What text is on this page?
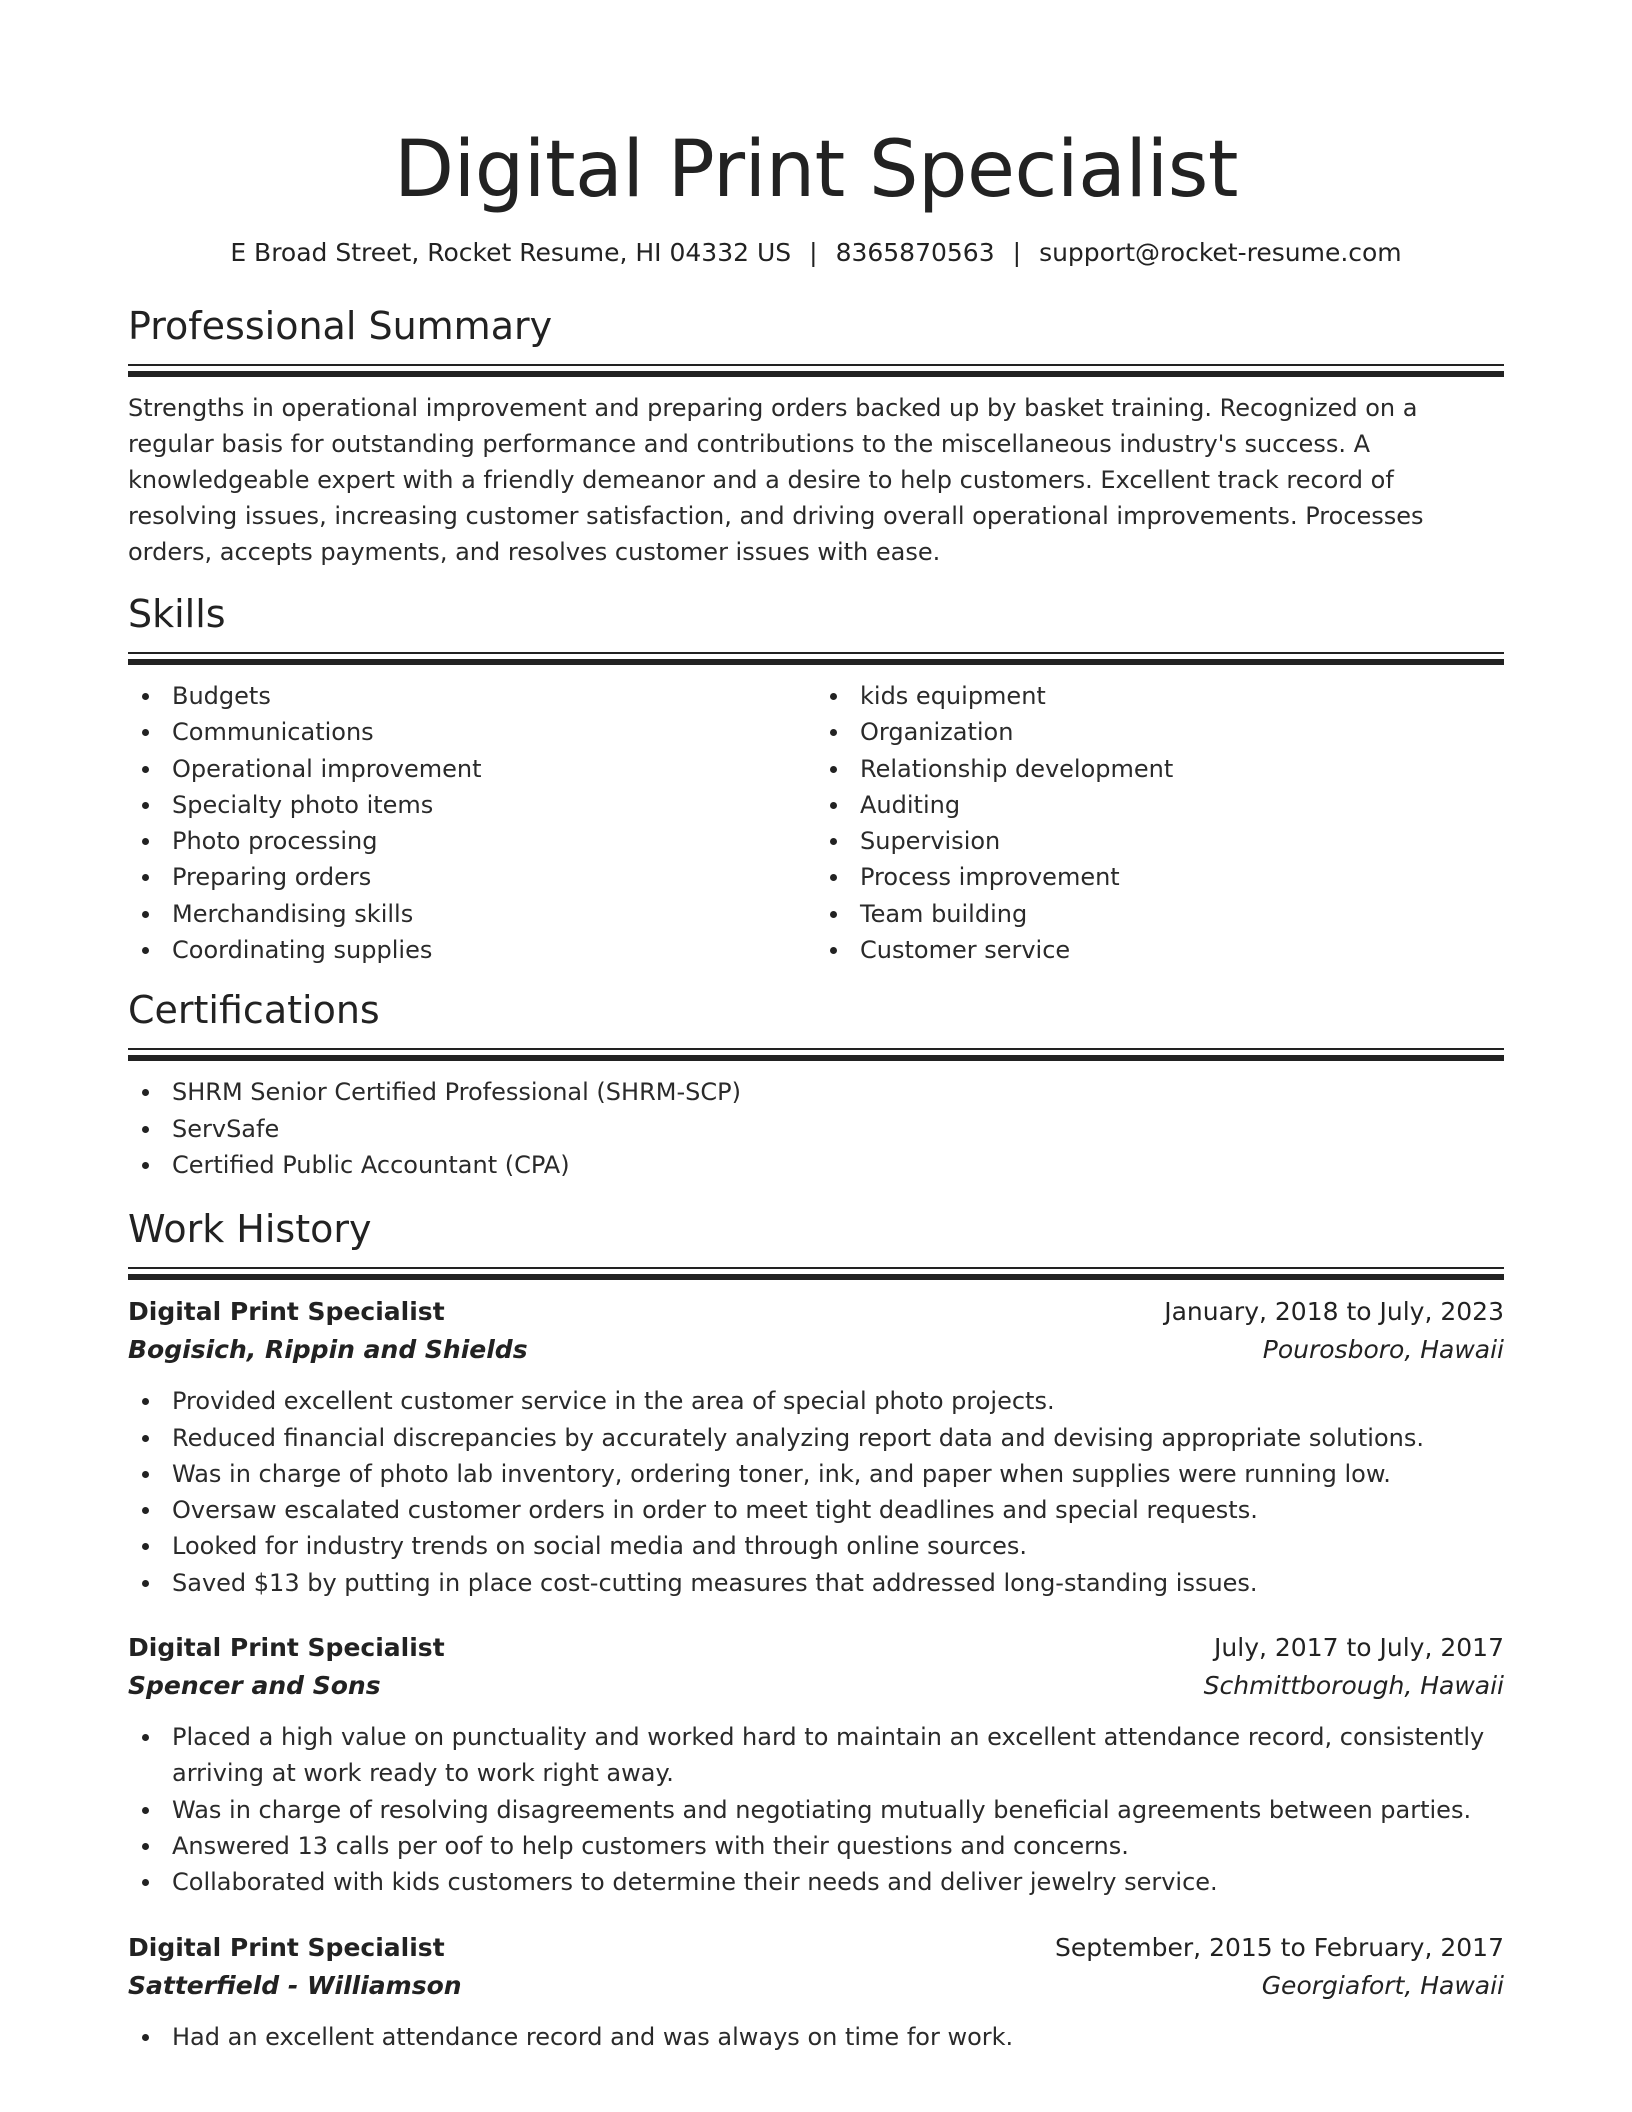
Digital Print Specialist
E Broad Street, Rocket Resume, HI 04332 US | 8365870563 | support@rocket-resume.com
Professional Summary

Strengths in operational improvement and preparing orders backed up by basket training. Recognized on a regular basis for outstanding performance and contributions to the miscellaneous industry's success. A knowledgeable expert with a friendly demeanor and a desire to help customers. Excellent track record of resolving issues, increasing customer satisfaction, and driving overall operational improvements. Processes orders, accepts payments, and resolves customer issues with ease.

Skills
Budgets
Communications
Operational improvement
Specialty photo items
Photo processing
Preparing orders
Merchandising skills
Coordinating supplies
kids equipment
Organization
Relationship development
Auditing
Supervision
Process improvement
Team building
Customer service
Certifications
SHRM Senior Certified Professional (SHRM-SCP)
ServSafe
Certified Public Accountant (CPA)
Work History
Digital Print Specialist	January, 2018 to July, 2023
Bogisich, Rippin and Shields	Pourosboro, Hawaii
Provided excellent customer service in the area of special photo projects.
Reduced financial discrepancies by accurately analyzing report data and devising appropriate solutions.
Was in charge of photo lab inventory, ordering toner, ink, and paper when supplies were running low.
Oversaw escalated customer orders in order to meet tight deadlines and special requests.
Looked for industry trends on social media and through online sources.
Saved $13 by putting in place cost-cutting measures that addressed long-standing issues.
Digital Print Specialist	July, 2017 to July, 2017
Spencer and Sons	Schmittborough, Hawaii
Placed a high value on punctuality and worked hard to maintain an excellent attendance record, consistently arriving at work ready to work right away.
Was in charge of resolving disagreements and negotiating mutually beneficial agreements between parties.
Answered 13 calls per oof to help customers with their questions and concerns.
Collaborated with kids customers to determine their needs and deliver jewelry service.
Digital Print Specialist	September, 2015 to February, 2017
Satterfield - Williamson	Georgiafort, Hawaii
Had an excellent attendance record and was always on time for work.
